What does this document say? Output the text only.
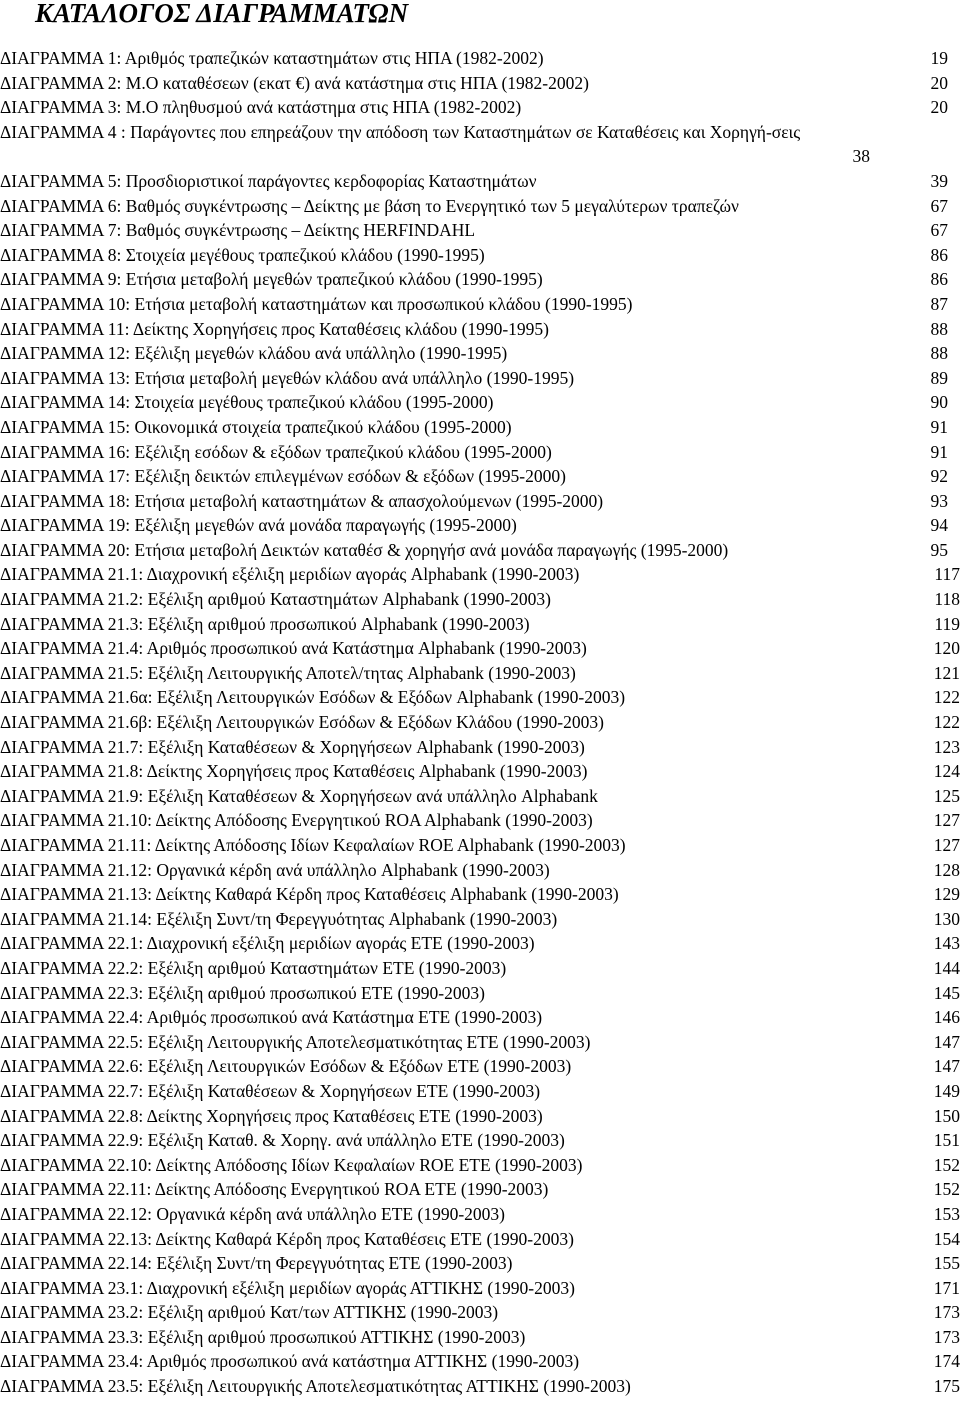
ΚΑΤΑΛΟΓΟΣ ΔΙΑΓΡΑΜΜΑΤΩΝ
ΔΙΑΓΡΑΜΜΑ 1: Αριθμός τραπεζικών καταστημάτων στις ΗΠΑ (1982-2002)	19
ΔΙΑΓΡΑΜΜΑ 2: Μ.Ο καταθέσεων (εκατ €) ανά κατάστημα στις ΗΠΑ (1982-2002)	20
ΔΙΑΓΡΑΜΜΑ 3: Μ.Ο πληθυσμού ανά κατάστημα στις ΗΠΑ (1982-2002)	20
ΔΙΑΓΡΑΜΜΑ 4 : Παράγοντες που επηρεάζουν την απόδοση των Καταστημάτων σε Καταθέσεις και Χορηγή-σεις
38
ΔΙΑΓΡΑΜΜΑ 5: Προσδιοριστικοί παράγοντες κερδοφορίας Καταστημάτων	39
ΔΙΑΓΡΑΜΜΑ 6: Βαθμός συγκέντρωσης – Δείκτης με βάση το Ενεργητικό των 5 μεγαλύτερων τραπεζών	67
ΔΙΑΓΡΑΜΜΑ 7: Βαθμός συγκέντρωσης – Δείκτης HERFINDAHL	67
ΔΙΑΓΡΑΜΜΑ 8: Στοιχεία μεγέθους τραπεζικού κλάδου (1990-1995)	86
ΔΙΑΓΡΑΜΜΑ 9: Ετήσια μεταβολή μεγεθών τραπεζικού κλάδου (1990-1995)	86
ΔΙΑΓΡΑΜΜΑ 10: Ετήσια μεταβολή καταστημάτων και προσωπικού κλάδου (1990-1995)	87
ΔΙΑΓΡΑΜΜΑ 11: Δείκτης Χορηγήσεις προς Καταθέσεις κλάδου (1990-1995)	88
ΔΙΑΓΡΑΜΜΑ 12: Εξέλιξη μεγεθών κλάδου ανά υπάλληλο (1990-1995)	88
ΔΙΑΓΡΑΜΜΑ 13: Ετήσια μεταβολή μεγεθών κλάδου ανά υπάλληλο (1990-1995)	89
ΔΙΑΓΡΑΜΜΑ 14: Στοιχεία μεγέθους τραπεζικού κλάδου (1995-2000)	90
ΔΙΑΓΡΑΜΜΑ 15: Οικονομικά στοιχεία τραπεζικού κλάδου (1995-2000)	91
ΔΙΑΓΡΑΜΜΑ 16: Εξέλιξη εσόδων & εξόδων τραπεζικού κλάδου (1995-2000)	91
ΔΙΑΓΡΑΜΜΑ 17: Εξέλιξη δεικτών επιλεγμένων εσόδων & εξόδων (1995-2000)	92
ΔΙΑΓΡΑΜΜΑ 18: Ετήσια μεταβολή καταστημάτων & απασχολούμενων (1995-2000)	93
ΔΙΑΓΡΑΜΜΑ 19: Εξέλιξη μεγεθών ανά μονάδα παραγωγής (1995-2000)	94
ΔΙΑΓΡΑΜΜΑ 20: Ετήσια μεταβολή Δεικτών καταθέσ & χορηγήσ ανά μονάδα παραγωγής (1995-2000)	95
ΔΙΑΓΡΑΜΜΑ 21.1: Διαχρονική εξέλιξη μεριδίων αγοράς Alphabank (1990-2003)	117
ΔΙΑΓΡΑΜΜΑ 21.2: Εξέλιξη αριθμού Καταστημάτων Alphabank (1990-2003)	118
ΔΙΑΓΡΑΜΜΑ 21.3: Εξέλιξη αριθμού προσωπικού Alphabank (1990-2003)	119
ΔΙΑΓΡΑΜΜΑ 21.4: Αριθμός προσωπικού ανά Κατάστημα Alphabank (1990-2003)	120
ΔΙΑΓΡΑΜΜΑ 21.5: Εξέλιξη Λειτουργικής Αποτελ/τητας Alphabank (1990-2003)	121
ΔΙΑΓΡΑΜΜΑ 21.6α: Εξέλιξη Λειτουργικών Εσόδων & Εξόδων Alphabank (1990-2003)	122
ΔΙΑΓΡΑΜΜΑ 21.6β: Εξέλιξη Λειτουργικών Εσόδων & Εξόδων Κλάδου (1990-2003)	122
ΔΙΑΓΡΑΜΜΑ 21.7: Εξέλιξη Καταθέσεων & Χορηγήσεων Alphabank (1990-2003)	123
ΔΙΑΓΡΑΜΜΑ 21.8: Δείκτης Χορηγήσεις προς Καταθέσεις Alphabank (1990-2003)	124
ΔΙΑΓΡΑΜΜΑ 21.9: Εξέλιξη Καταθέσεων & Χορηγήσεων ανά υπάλληλο Alphabank	125
ΔΙΑΓΡΑΜΜΑ 21.10: Δείκτης Απόδοσης Ενεργητικού ROA Alphabank (1990-2003)	127
ΔΙΑΓΡΑΜΜΑ 21.11: Δείκτης Απόδοσης Ιδίων Κεφαλαίων ROE Alphabank (1990-2003)	127
ΔΙΑΓΡΑΜΜΑ 21.12: Οργανικά κέρδη ανά υπάλληλο Alphabank (1990-2003)	128
ΔΙΑΓΡΑΜΜΑ 21.13: Δείκτης Καθαρά Κέρδη προς Καταθέσεις Alphabank (1990-2003)	129
ΔΙΑΓΡΑΜΜΑ 21.14: Εξέλιξη Συντ/τη Φερεγγυότητας Alphabank (1990-2003)	130
ΔΙΑΓΡΑΜΜΑ 22.1: Διαχρονική εξέλιξη μεριδίων αγοράς ΕΤΕ (1990-2003)	143
ΔΙΑΓΡΑΜΜΑ 22.2: Εξέλιξη αριθμού Καταστημάτων ΕΤΕ (1990-2003)	144
ΔΙΑΓΡΑΜΜΑ 22.3: Εξέλιξη αριθμού προσωπικού ΕΤΕ (1990-2003)	145
ΔΙΑΓΡΑΜΜΑ 22.4: Αριθμός προσωπικού ανά Κατάστημα ΕΤΕ (1990-2003)	146
ΔΙΑΓΡΑΜΜΑ 22.5: Εξέλιξη Λειτουργικής Αποτελεσματικότητας ΕΤΕ (1990-2003)	147
ΔΙΑΓΡΑΜΜΑ 22.6: Εξέλιξη Λειτουργικών Εσόδων & Εξόδων ΕΤΕ (1990-2003)	147
ΔΙΑΓΡΑΜΜΑ 22.7: Εξέλιξη Καταθέσεων & Χορηγήσεων ΕΤΕ (1990-2003)	149
ΔΙΑΓΡΑΜΜΑ 22.8: Δείκτης Χορηγήσεις προς Καταθέσεις ΕΤΕ (1990-2003)	150
ΔΙΑΓΡΑΜΜΑ 22.9: Εξέλιξη Καταθ. & Χορηγ. ανά υπάλληλο ΕΤΕ (1990-2003)	151
ΔΙΑΓΡΑΜΜΑ 22.10: Δείκτης Απόδοσης Ιδίων Κεφαλαίων ROE ETE (1990-2003)	152
ΔΙΑΓΡΑΜΜΑ 22.11: Δείκτης Απόδοσης Ενεργητικού ROA ETE (1990-2003)	152
ΔΙΑΓΡΑΜΜΑ 22.12: Οργανικά κέρδη ανά υπάλληλο ΕΤΕ (1990-2003)	153
ΔΙΑΓΡΑΜΜΑ 22.13: Δείκτης Καθαρά Κέρδη προς Καταθέσεις ΕΤΕ (1990-2003)	154
ΔΙΑΓΡΑΜΜΑ 22.14: Εξέλιξη Συντ/τη Φερεγγυότητας ΕΤΕ (1990-2003)	155
ΔΙΑΓΡΑΜΜΑ 23.1: Διαχρονική εξέλιξη μεριδίων αγοράς ΑΤΤΙΚΗΣ (1990-2003)	171
ΔΙΑΓΡΑΜΜΑ 23.2: Εξέλιξη αριθμού Κατ/των ΑΤΤΙΚΗΣ (1990-2003)	173
ΔΙΑΓΡΑΜΜΑ 23.3: Εξέλιξη αριθμού προσωπικού ΑΤΤΙΚΗΣ (1990-2003)	173
ΔΙΑΓΡΑΜΜΑ 23.4: Αριθμός προσωπικού ανά κατάστημα ΑΤΤΙΚΗΣ (1990-2003)	174
ΔΙΑΓΡΑΜΜΑ 23.5: Εξέλιξη Λειτουργικής Αποτελεσματικότητας ΑΤΤΙΚΗΣ (1990-2003)	175
